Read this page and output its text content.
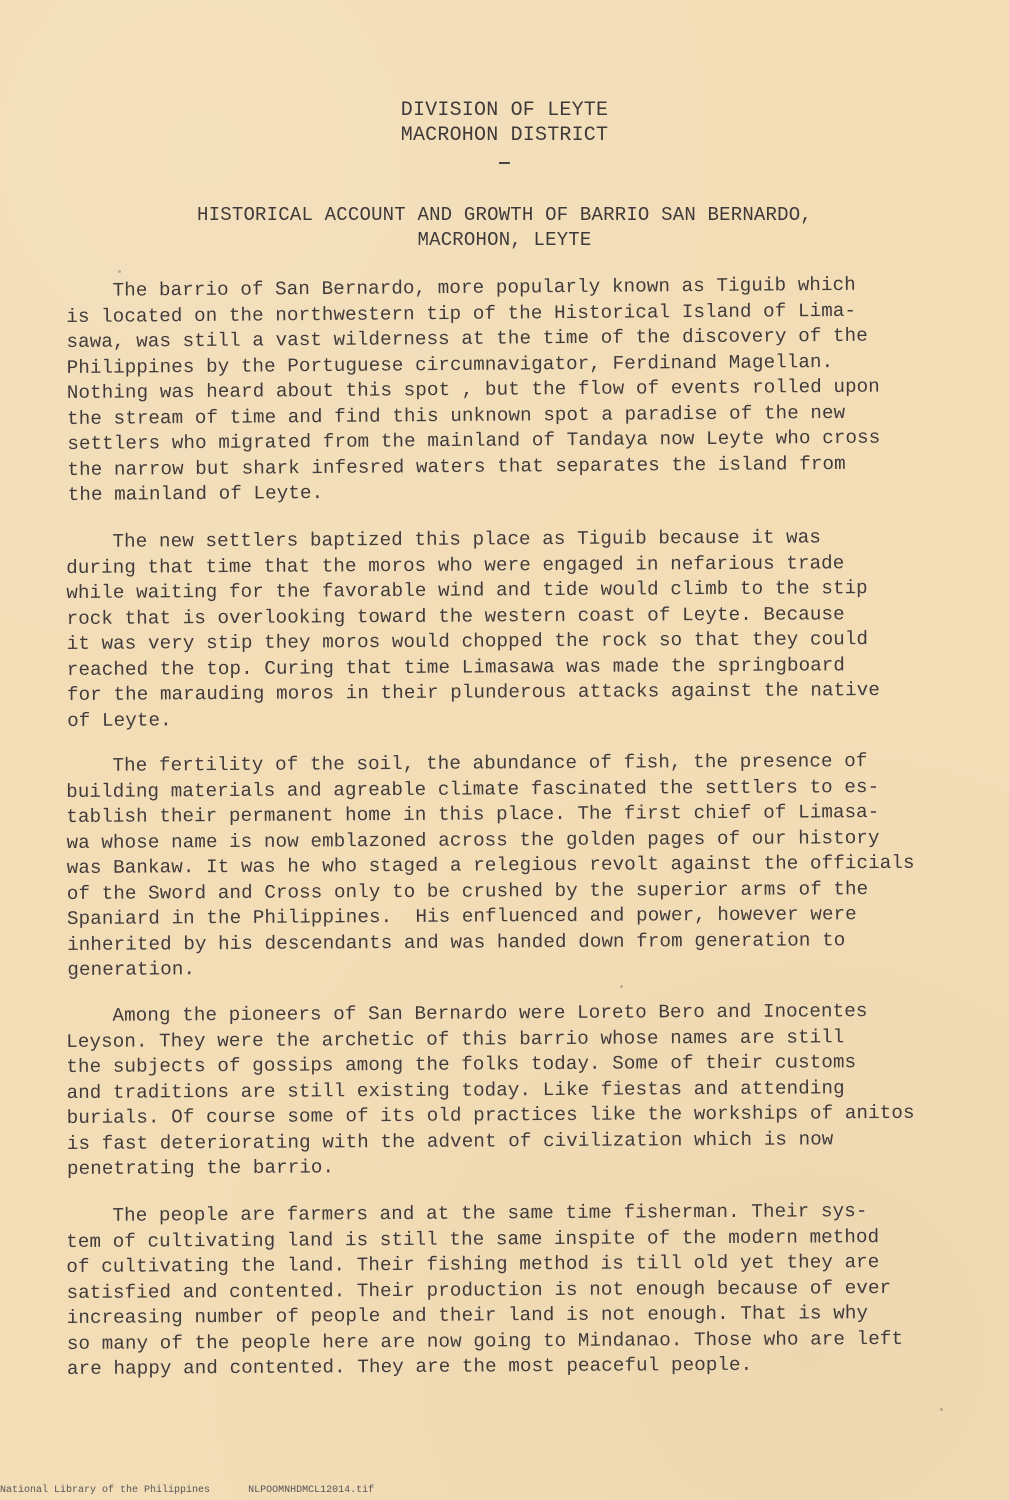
DIVISION OF LEYTE
MACROHON DISTRICT
HISTORICAL ACCOUNT AND GROWTH OF BARRIO SAN BERNARDO,
MACROHON, LEYTE
The barrio of San Bernardo, more popularly known as Tiguib which
is located on the northwestern tip of the Historical Island of Lima-
sawa, was still a vast wilderness at the time of the discovery of the
Philippines by the Portuguese circumnavigator, Ferdinand Magellan.
Nothing was heard about this spot , but the flow of events rolled upon
the stream of time and find this unknown spot a paradise of the new
settlers who migrated from the mainland of Tandaya now Leyte who cross
the narrow but shark infesred waters that separates the island from
the mainland of Leyte.
The new settlers baptized this place as Tiguib because it was
during that time that the moros who were engaged in nefarious trade
while waiting for the favorable wind and tide would climb to the stip
rock that is overlooking toward the western coast of Leyte. Because
it was very stip they moros would chopped the rock so that they could
reached the top. Curing that time Limasawa was made the springboard
for the marauding moros in their plunderous attacks against the native
of Leyte.
The fertility of the soil, the abundance of fish, the presence of
building materials and agreable climate fascinated the settlers to es-
tablish their permanent home in this place. The first chief of Limasa-
wa whose name is now emblazoned across the golden pages of our history
was Bankaw. It was he who staged a relegious revolt against the officials
of the Sword and Cross only to be crushed by the superior arms of the
Spaniard in the Philippines.  His enfluenced and power, however were
inherited by his descendants and was handed down from generation to
generation.
Among the pioneers of San Bernardo were Loreto Bero and Inocentes
Leyson. They were the archetic of this barrio whose names are still
the subjects of gossips among the folks today. Some of their customs
and traditions are still existing today. Like fiestas and attending
burials. Of course some of its old practices like the workships of anitos
is fast deteriorating with the advent of civilization which is now
penetrating the barrio.
The people are farmers and at the same time fisherman. Their sys-
tem of cultivating land is still the same inspite of the modern method
of cultivating the land. Their fishing method is till old yet they are
satisfied and contented. Their production is not enough because of ever
increasing number of people and their land is not enough. That is why
so many of the people here are now going to Mindanao. Those who are left
are happy and contented. They are the most peaceful people.
National Library of the Philippines	NLPOOMNHDMCL12014.tif
